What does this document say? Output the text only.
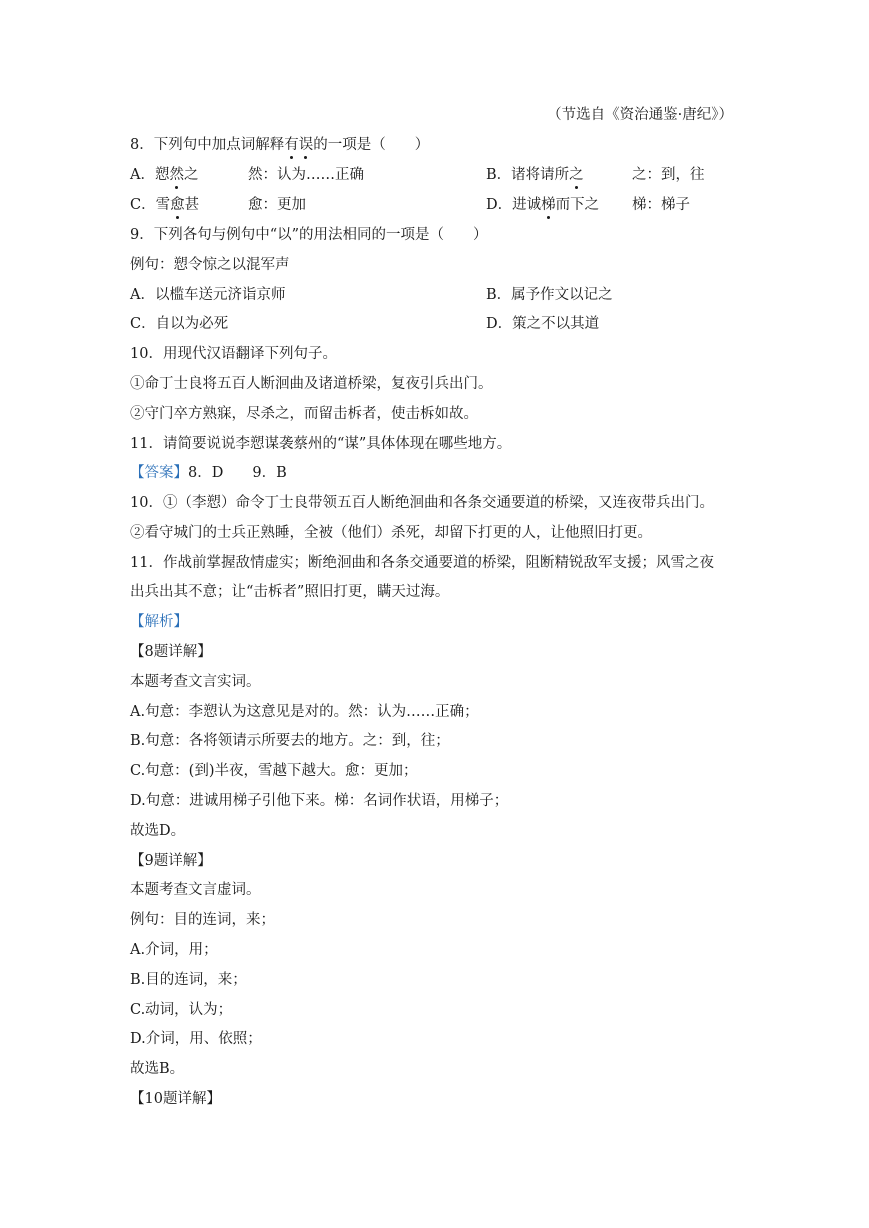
（节选自《资治通鉴·唐纪》）
8．下列句中加点词解释有误的一项是（　　）
A．愬然之	然：认为……正确	B．诸将请所之	之：到，往
C．雪愈甚	愈：更加	D．进诚梯而下之 梯：梯子
9．下列各句与例句中“以”的用法相同的一项是（　　）
例句：愬令惊之以混军声
A．以槛车送元济诣京师	B．属予作文以记之
C．自以为必死	D．策之不以其道
10．用现代汉语翻译下列句子。
①命丁士良将五百人断洄曲及诸道桥梁，复夜引兵出门。
②守门卒方熟寐，尽杀之，而留击柝者，使击柝如故。
11．请简要说说李愬谋袭蔡州的“谋”具体体现在哪些地方。
【答案】8．D　　9．B
10．①（李愬）命令丁士良带领五百人断绝洄曲和各条交通要道的桥梁，又连夜带兵出门。
②看守城门的士兵正熟睡，全被（他们）杀死，却留下打更的人，让他照旧打更。
11．作战前掌握敌情虚实；断绝洄曲和各条交通要道的桥梁，阻断精锐敌军支援；风雪之夜
出兵出其不意；让“击柝者”照旧打更，瞒天过海。
【解析】
【8题详解】
本题考查文言实词。
A.句意：李愬认为这意见是对的。然：认为……正确；
B.句意：各将领请示所要去的地方。之：到，往；
C.句意：(到)半夜，雪越下越大。愈：更加；
D.句意：进诚用梯子引他下来。梯：名词作状语，用梯子；
故选D。
【9题详解】
本题考查文言虚词。
例句：目的连词，来；
A.介词，用；
B.目的连词，来；
C.动词，认为；
D.介词，用、依照；
故选B。
【10题详解】
